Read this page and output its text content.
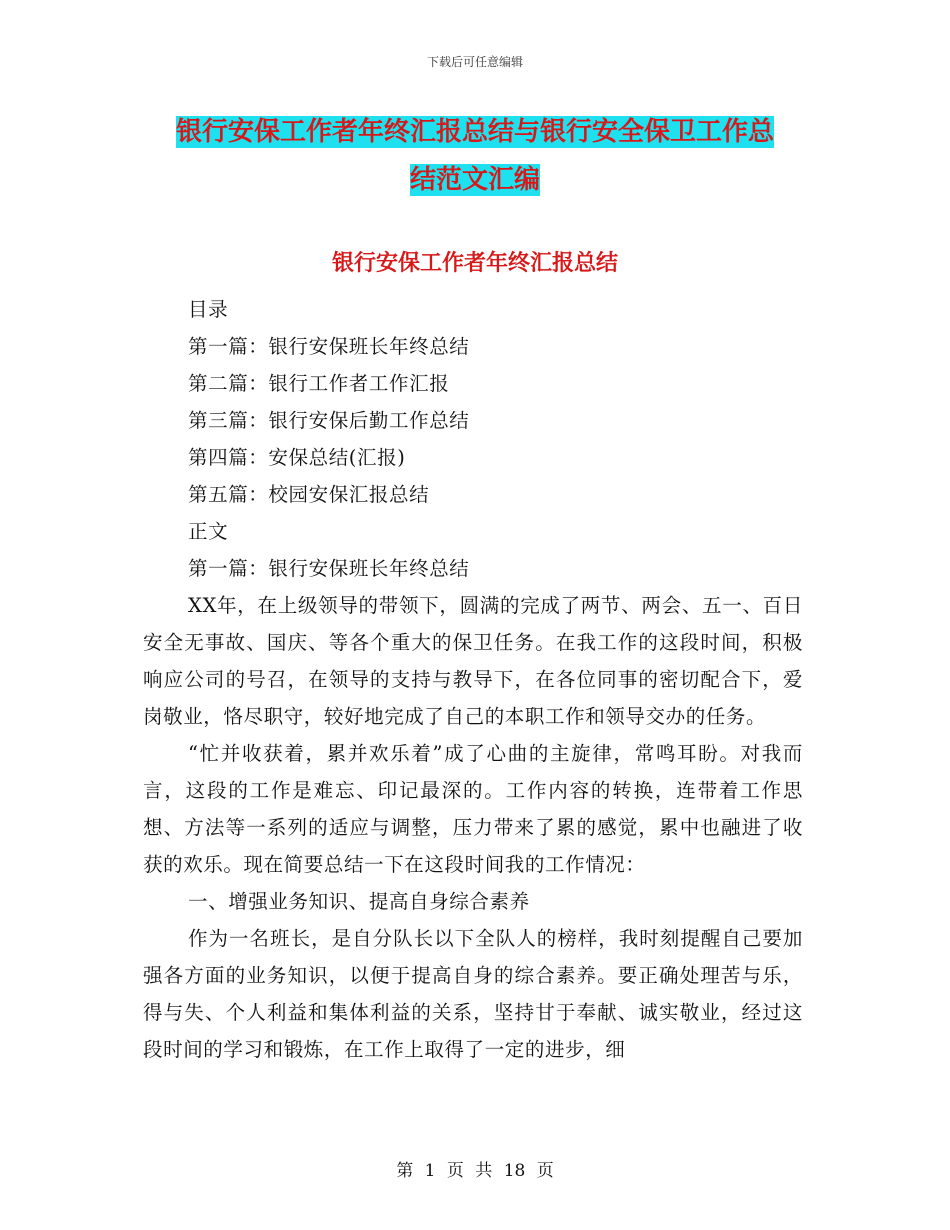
下载后可任意编辑
银行安保工作者年终汇报总结与银行安全保卫工作总
结范文汇编
银行安保工作者年终汇报总结

目录

第一篇：银行安保班长年终总结

第二篇：银行工作者工作汇报

第三篇：银行安保后勤工作总结

第四篇：安保总结(汇报)

第五篇：校园安保汇报总结

正文

第一篇：银行安保班长年终总结

XX年，在上级领导的带领下，圆满的完成了两节、两会、五一、百日安全无事故、国庆、等各个重大的保卫任务。在我工作的这段时间，积极响应公司的号召，在领导的支持与教导下，在各位同事的密切配合下，爱岗敬业，恪尽职守，较好地完成了自己的本职工作和领导交办的任务。

“忙并收获着，累并欢乐着”成了心曲的主旋律，常鸣耳盼。对我而言，这段的工作是难忘、印记最深的。工作内容的转换，连带着工作思想、方法等一系列的适应与调整，压力带来了累的感觉，累中也融进了收获的欢乐。现在简要总结一下在这段时间我的工作情况：

一、增强业务知识、提高自身综合素养

作为一名班长，是自分队长以下全队人的榜样，我时刻提醒自己要加强各方面的业务知识，以便于提高自身的综合素养。要正确处理苦与乐，得与失、个人利益和集体利益的关系，坚持甘于奉献、诚实敬业，经过这段时间的学习和锻炼，在工作上取得了一定的进步，细

第 1 页 共 18 页
